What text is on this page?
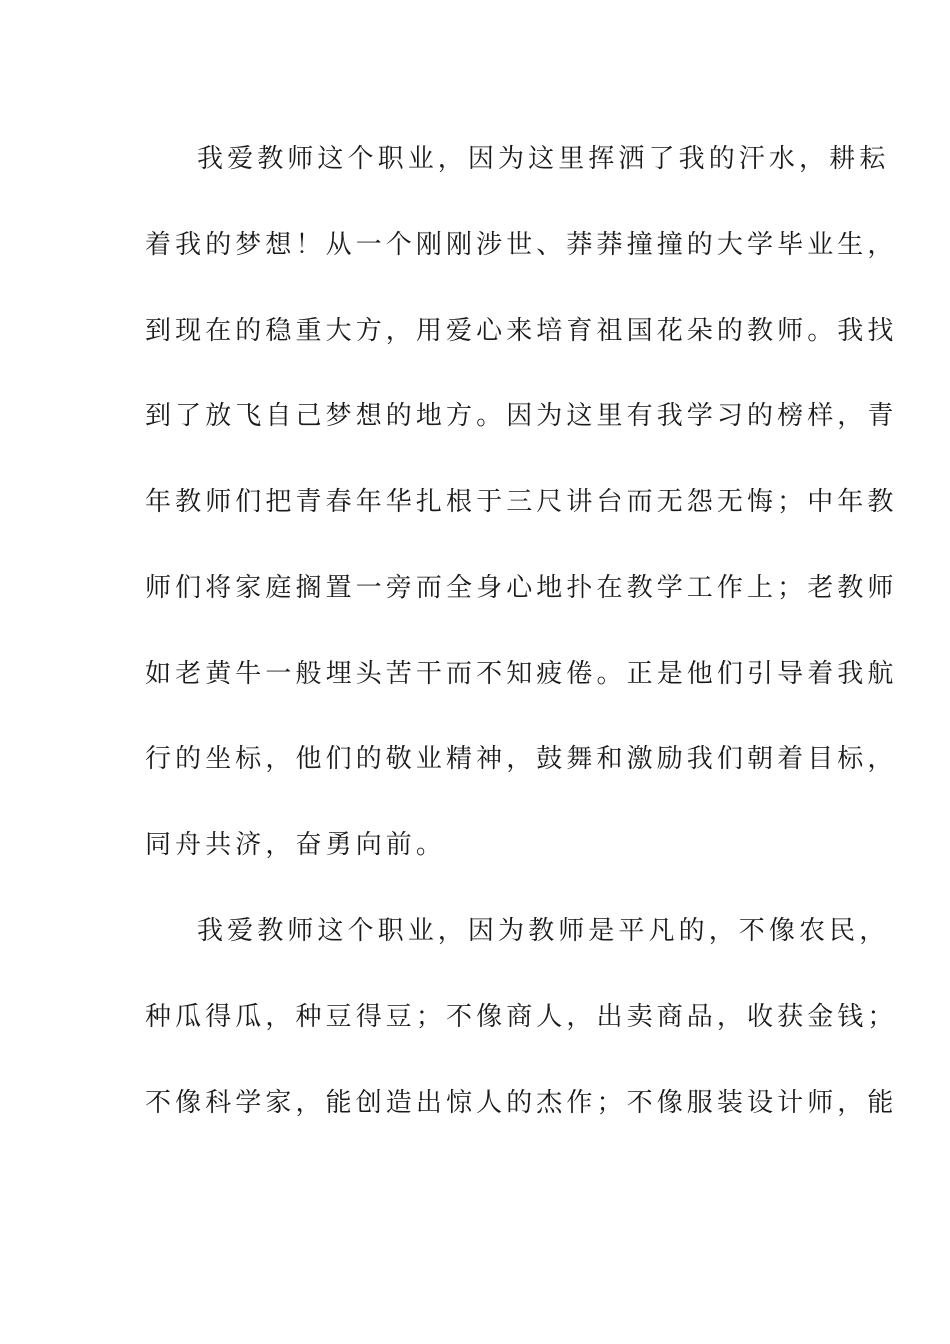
我爱教师这个职业，因为这里挥洒了我的汗水，耕耘
着我的梦想！从一个刚刚涉世、莽莽撞撞的大学毕业生，
到现在的稳重大方，用爱心来培育祖国花朵的教师。我找
到了放飞自己梦想的地方。因为这里有我学习的榜样，青
年教师们把青春年华扎根于三尺讲台而无怨无悔；中年教
师们将家庭搁置一旁而全身心地扑在教学工作上；老教师
如老黄牛一般埋头苦干而不知疲倦。正是他们引导着我航
行的坐标，他们的敬业精神，鼓舞和激励我们朝着目标，
同舟共济，奋勇向前。
我爱教师这个职业，因为教师是平凡的，不像农民，
种瓜得瓜，种豆得豆；不像商人，出卖商品，收获金钱；
不像科学家，能创造出惊人的杰作；不像服装设计师，能
